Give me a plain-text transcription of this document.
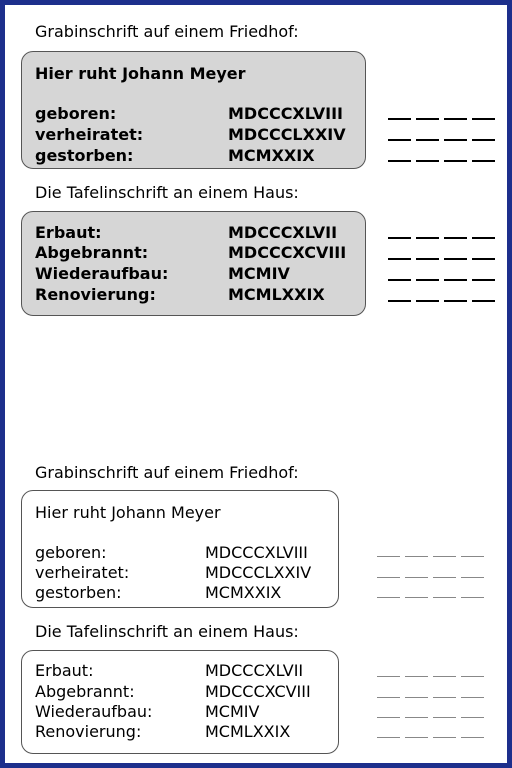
Grabinschrift auf einem Friedhof:
Hier ruht Johann Meyer
geboren:	MDCCCXLVIII
verheiratet:	MDCCCLXXIV
gestorben:	MCMXXIX
Die Tafelinschrift an einem Haus:
Erbaut:	MDCCCXLVII
Abgebrannt:	MDCCCXCVIII
Wiederaufbau:	MCMIV
Renovierung:	MCMLXXIX
Grabinschrift auf einem Friedhof:
Hier ruht Johann Meyer
geboren:	MDCCCXLVIII
verheiratet:	MDCCCLXXIV
gestorben:	MCMXXIX
Die Tafelinschrift an einem Haus:
Erbaut:	MDCCCXLVII
Abgebrannt:	MDCCCXCVIII
Wiederaufbau:	MCMIV
Renovierung:	MCMLXXIX
